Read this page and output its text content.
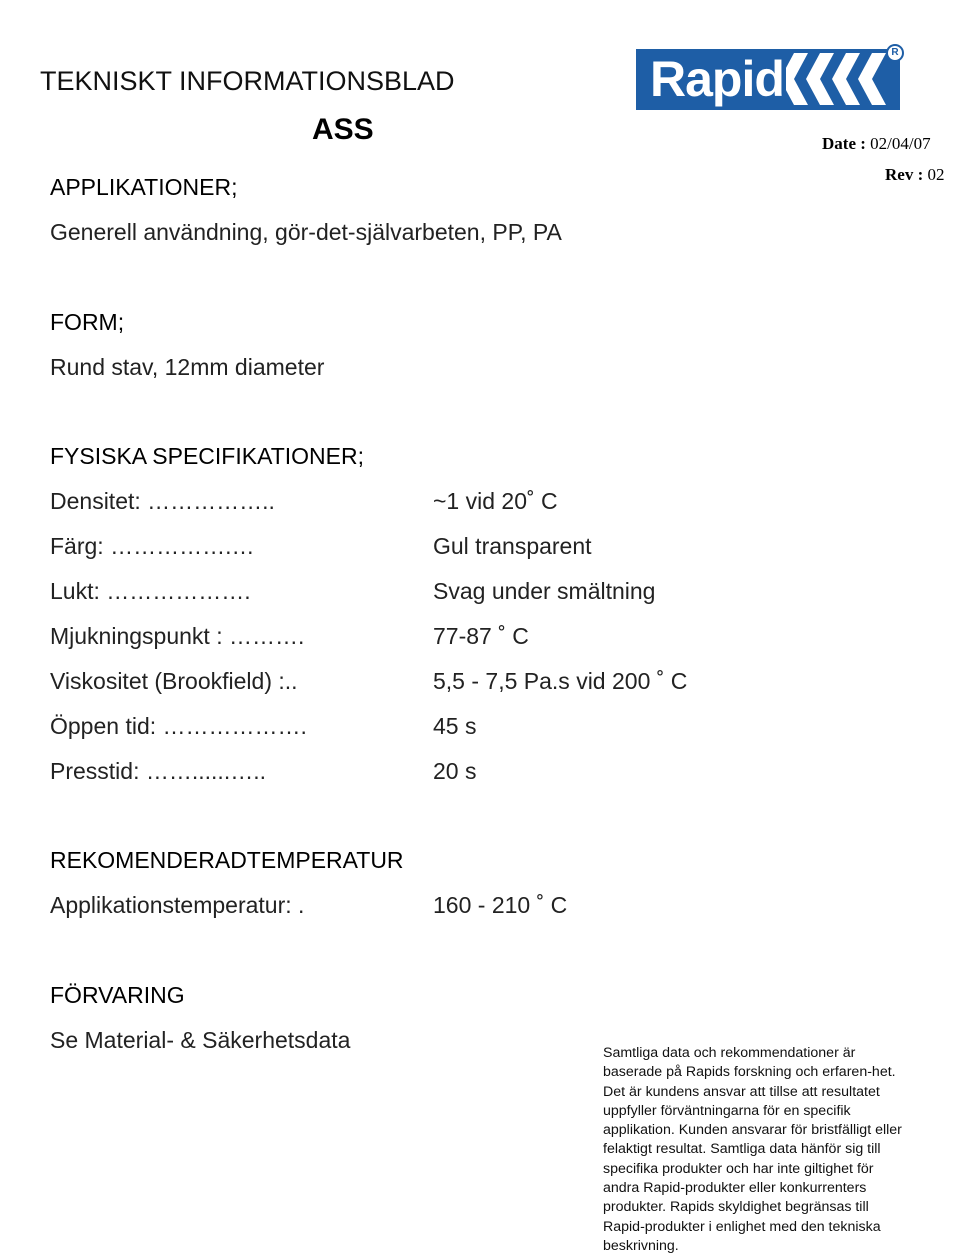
TEKNISKT INFORMATIONSBLAD
ASS
Rapid	R
Date : 02/04/07
Rev : 02
APPLIKATIONER;
Generell användning, gör-det-självarbeten, PP, PA
FORM;
Rund stav, 12mm diameter
FYSISKA SPECIFIKATIONER;
Densitet: ……………..	~1 vid 20˚ C
Färg: …………….…	Gul transparent
Lukt: ……………….	Svag under smältning
Mjukningspunkt : ……….	77-87 ˚ C
Viskositet (Brookfield) :..	5,5 - 7,5 Pa.s vid 200 ˚ C
Öppen tid: ……………….	45 s
Presstid: ……......…..	20 s
REKOMENDERADTEMPERATUR
Applikationstemperatur: .	160 - 210 ˚ C
FÖRVARING
Se Material- & Säkerhetsdata	Samtliga data och rekommendationer är baserade på Rapids forskning och erfaren-het. Det är kundens ansvar att tillse att resultatet uppfyller förväntningarna för en specifik applikation. Kunden ansvarar för bristfälligt eller felaktigt resultat. Samtliga data hänför sig till specifika produkter och har inte giltighet för andra Rapid-produkter eller konkurrenters produkter. Rapids skyldighet begränsas till Rapid-produkter i enlighet med den tekniska beskrivning.
